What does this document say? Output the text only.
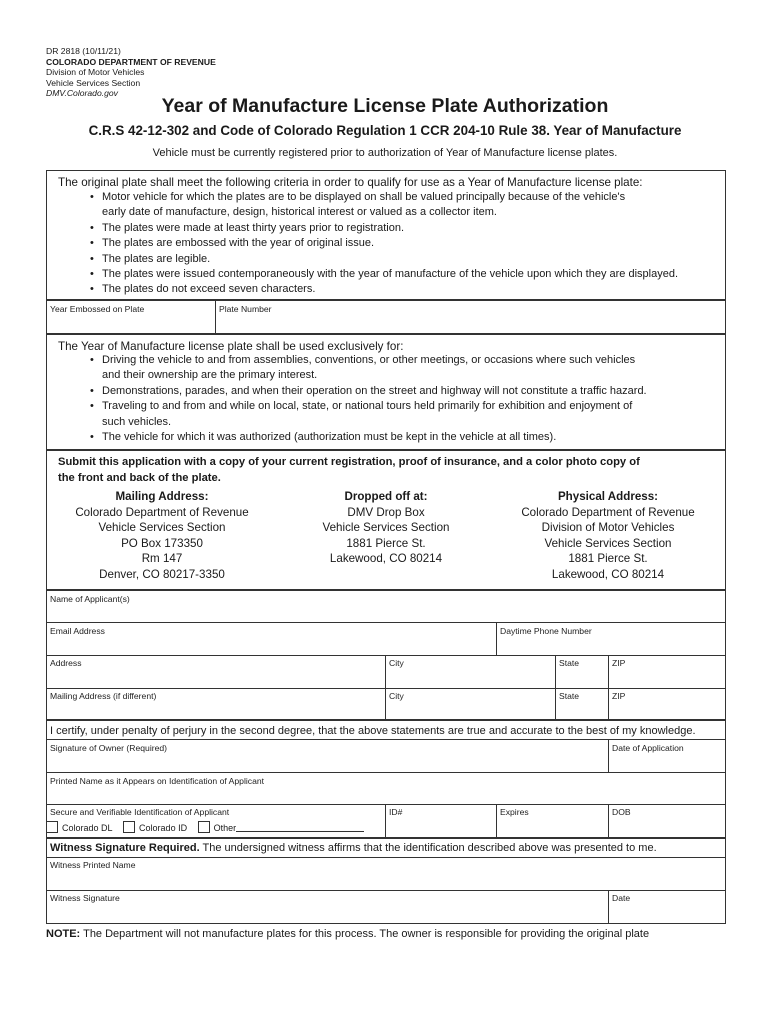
DR 2818 (10/11/21)
COLORADO DEPARTMENT OF REVENUE
Division of Motor Vehicles
Vehicle Services Section
DMV.Colorado.gov
Year of Manufacture License Plate Authorization
C.R.S 42-12-302 and Code of Colorado Regulation 1 CCR 204-10 Rule 38. Year of Manufacture
Vehicle must be currently registered prior to authorization of Year of Manufacture license plates.
The original plate shall meet the following criteria in order to qualify for use as a Year of Manufacture license plate:
• Motor vehicle for which the plates are to be displayed on shall be valued principally because of the vehicle's
early date of manufacture, design, historical interest or valued as a collector item.
• The plates were made at least thirty years prior to registration.
• The plates are embossed with the year of original issue.
• The plates are legible.
• The plates were issued contemporaneously with the year of manufacture of the vehicle upon which they are displayed.
• The plates do not exceed seven characters.
Year Embossed on Plate	Plate Number
The Year of Manufacture license plate shall be used exclusively for:
• Driving the vehicle to and from assemblies, conventions, or other meetings, or occasions where such vehicles
and their ownership are the primary interest.
• Demonstrations, parades, and when their operation on the street and highway will not constitute a traffic hazard.
• Traveling to and from and while on local, state, or national tours held primarily for exhibition and enjoyment of
such vehicles.
• The vehicle for which it was authorized (authorization must be kept in the vehicle at all times).
Submit this application with a copy of your current registration, proof of insurance, and a color photo copy of
the front and back of the plate.
Mailing Address:
Colorado Department of Revenue
Vehicle Services Section
PO Box 173350
Rm 147
Denver, CO 80217-3350
Dropped off at:
DMV Drop Box
Vehicle Services Section
1881 Pierce St.
Lakewood, CO 80214
Physical Address:
Colorado Department of Revenue
Division of Motor Vehicles
Vehicle Services Section
1881 Pierce St.
Lakewood, CO 80214
Name of Applicant(s)
Email Address	Daytime Phone Number
Address	City	State	ZIP
Mailing Address (if different)	City	State	ZIP
I certify, under penalty of perjury in the second degree, that the above statements are true and accurate to the best of my knowledge.
Signature of Owner (Required)	Date of Application
Printed Name as it Appears on Identification of Applicant
Secure and Verifiable Identification of Applicant	ID#	Expires	DOB
Colorado DL	Colorado ID	Other
Witness Signature Required. The undersigned witness affirms that the identification described above was presented to me.
Witness Printed Name
Witness Signature	Date
NOTE: The Department will not manufacture plates for this process. The owner is responsible for providing the original plate
